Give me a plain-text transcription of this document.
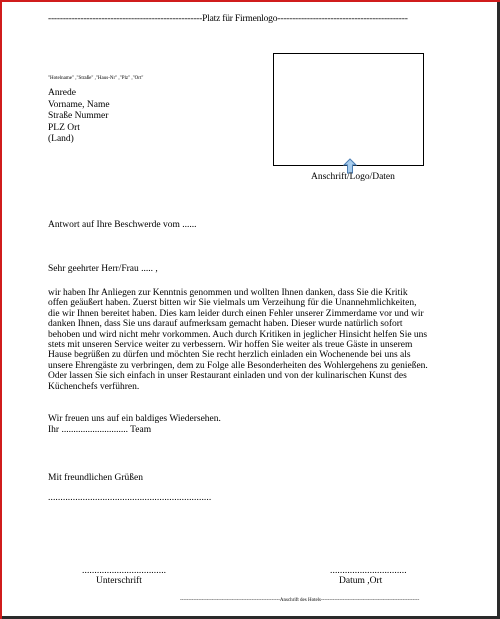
----------------------------------------------------Platz für Firmenlogo--------------------------------------------
"Hotelname" ,"Straße" ,"Haus-Nr" ,"Plz" ,"Ort"
Anrede
Vorname, Name
Straße Nummer
PLZ Ort
(Land)
Anschrift/Logo/Daten
Antwort auf Ihre Beschwerde vom ......
Sehr geehrter Herr/Frau ..... ,
wir haben Ihr Anliegen zur Kenntnis genommen und wollten Ihnen danken, dass Sie die Kritik
offen geäußert haben. Zuerst bitten wir Sie vielmals um Verzeihung für die Unannehmlichkeiten,
die wir Ihnen bereitet haben. Dies kam leider durch einen Fehler unserer Zimmerdame vor und wir
danken Ihnen, dass Sie uns darauf aufmerksam gemacht haben. Dieser wurde natürlich sofort
behoben und wird nicht mehr vorkommen. Auch durch Kritiken in jeglicher Hinsicht helfen Sie uns
stets mit unseren Service weiter zu verbessern. Wir hoffen Sie weiter als treue Gäste in unserem
Hause begrüßen zu dürfen und möchten Sie recht herzlich einladen ein Wochenende bei uns als
unsere Ehrengäste zu verbringen, dem zu Folge alle Besonderheiten des Wohlergehens zu genießen.
Oder lassen Sie sich einfach in unser Restaurant einladen und von der kulinarischen Kunst des
Küchenchefs verführen.
Wir freuen uns auf ein baldiges Wiedersehen.
Ihr ............................ Team
Mit freundlichen Grüßen
..................................................................
..................................
Unterschrift
...............................
Datum ,Ort
------------------------------------------------------------Anschrift des Hotels-----------------------------------------------------------
